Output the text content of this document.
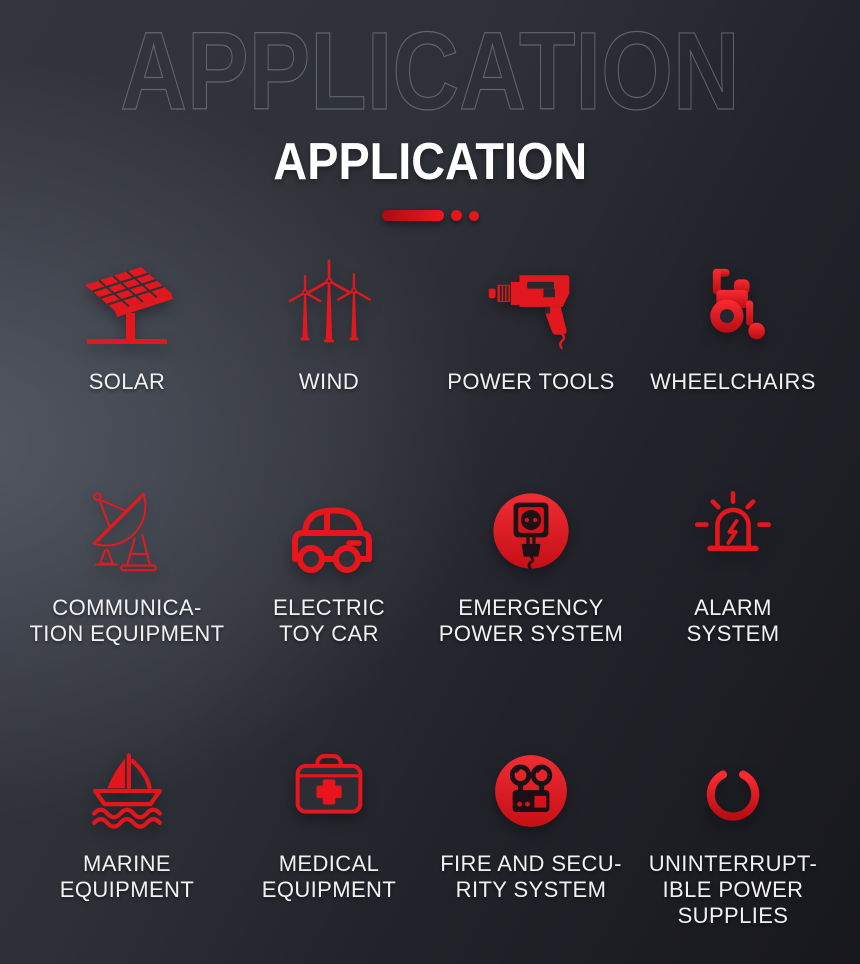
APPLICATION
APPLICATION
SOLAR	WIND	POWER TOOLS WHEELCHAIRS
COMMUNICA-
TION EQUIPMENT
ELECTRIC
TOY CAR
EMERGENCY
POWER SYSTEM
ALARM
SYSTEM
MARINE
EQUIPMENT
MEDICAL
EQUIPMENT
FIRE AND SECU-
RITY SYSTEM
UNINTERRUPT-
IBLE POWER
SUPPLIES
